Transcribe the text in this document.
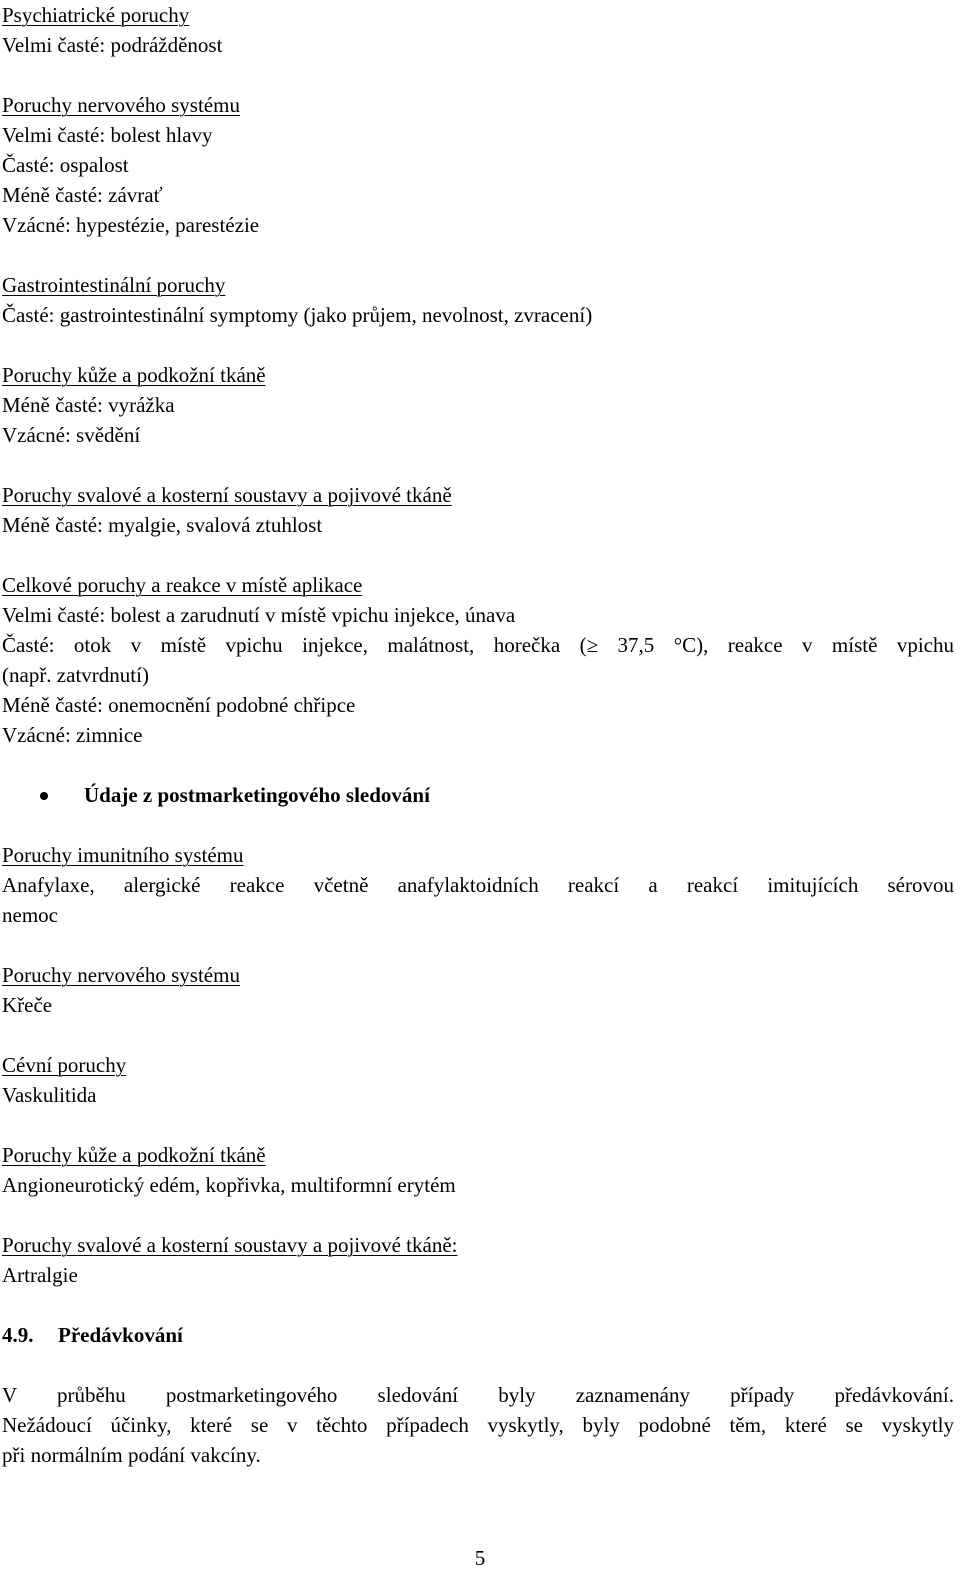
Psychiatrické poruchy
Velmi časté: podrážděnost
Poruchy nervového systému
Velmi časté: bolest hlavy
Časté: ospalost
Méně časté: závrať
Vzácné: hypestézie, parestézie
Gastrointestinální poruchy
Časté: gastrointestinální symptomy (jako průjem, nevolnost, zvracení)
Poruchy kůže a podkožní tkáně
Méně časté: vyrážka
Vzácné: svědění
Poruchy svalové a kosterní soustavy a pojivové tkáně
Méně časté: myalgie, svalová ztuhlost
Celkové poruchy a reakce v místě aplikace
Velmi časté: bolest a zarudnutí v místě vpichu injekce, únava
Časté: otok v místě vpichu injekce, malátnost, horečka (≥ 37,5 °C), reakce v místě vpichu
(např. zatvrdnutí)
Méně časté: onemocnění podobné chřipce
Vzácné: zimnice
Údaje z postmarketingového sledování
Poruchy imunitního systému
Anafylaxe, alergické reakce včetně anafylaktoidních reakcí a reakcí imitujících sérovou
nemoc
Poruchy nervového systému
Křeče
Cévní poruchy
Vaskulitida
Poruchy kůže a podkožní tkáně
Angioneurotický edém, kopřivka, multiformní erytém
Poruchy svalové a kosterní soustavy a pojivové tkáně:
Artralgie
4.9. Předávkování
V průběhu postmarketingového sledování byly zaznamenány případy předávkování.
Nežádoucí účinky, které se v těchto případech vyskytly, byly podobné těm, které se vyskytly
při normálním podání vakcíny.
5
